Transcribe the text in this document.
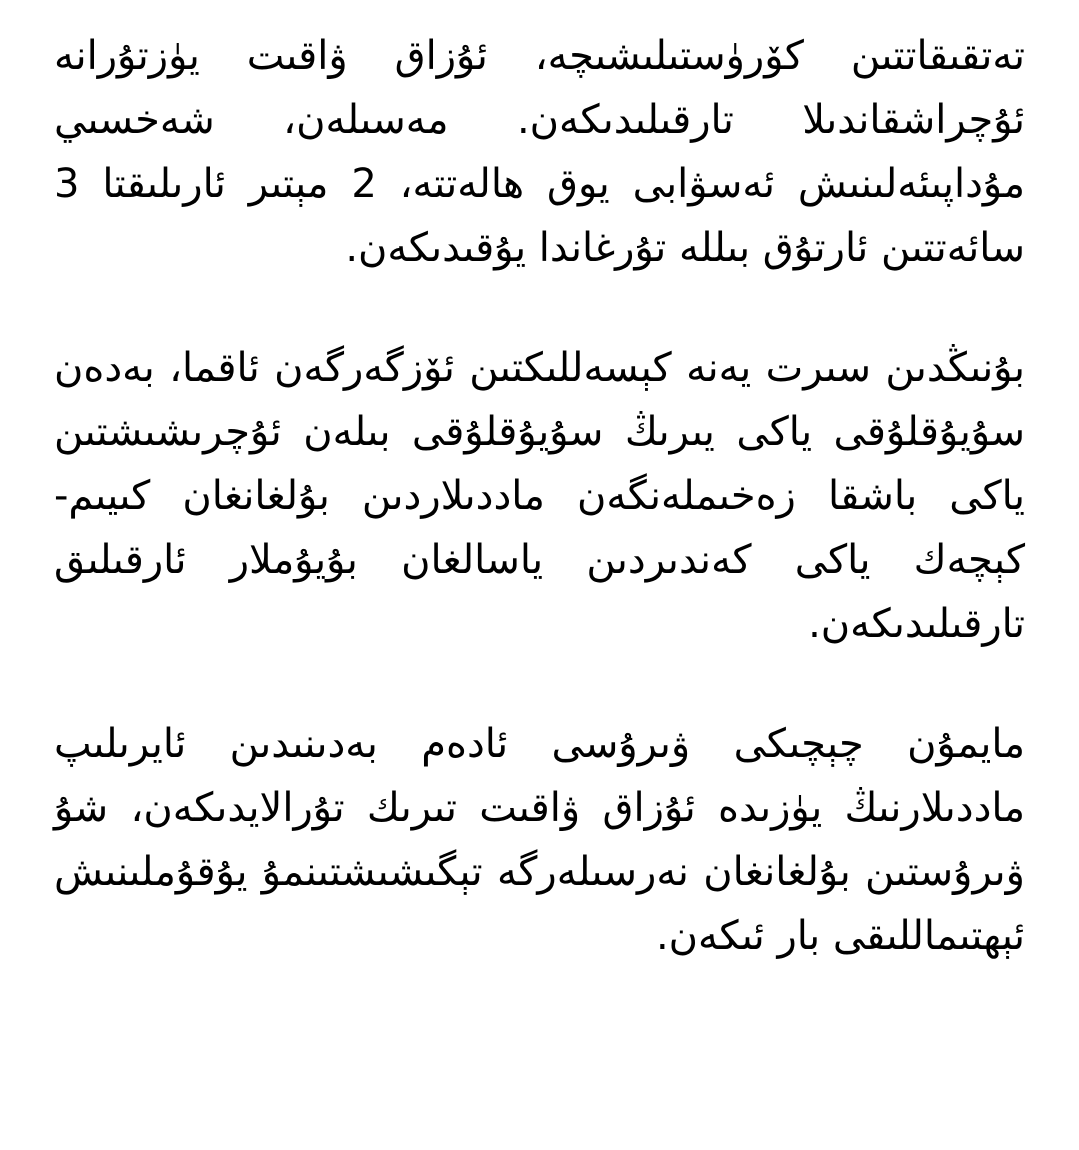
تەتقىقاتتىن كۆرۈستىلىشىچە، ئۇزاق ۋاقىت يۈزتۇرانە ئۇچراشقاندىلا تارقىلىدىكەن. مەسىلەن، شەخسىي مۇداپىئەلىنىش ئەسۋابى يوق ھالەتتە، 2 مېتىر ئارىلىقتا 3 سائەتتىن ئارتۇق بىللە تۇرغاندا يۇقىدىكەن.

بۇنىڭدىن سىرت يەنە كېسەللىكتىن ئۆزگەرگەن ئاقما، بەدەن سۇيۇقلۇقى ياكى يىرىڭ سۇيۇقلۇقى بىلەن ئۇچرىشىشتىن ياكى باشقا زەخىملەنگەن ماددىلاردىن بۇلغانغان كىيىم-كېچەك ياكى كەندىردىن ياسالغان بۇيۇملار ئارقىلىق تارقىلىدىكەن.

مايمۇن چېچىكى ۋىرۇسى ئادەم بەدىنىدىن ئايرىلىپ ماددىلارنىڭ يۈزىدە ئۇزاق ۋاقىت تىرىك تۇرالايدىكەن، شۇ ۋىرۇستىن بۇلغانغان نەرسىلەرگە تېگىشىشتىنمۇ يۇقۇملىنىش ئېھتىماللىقى بار ئىكەن.
